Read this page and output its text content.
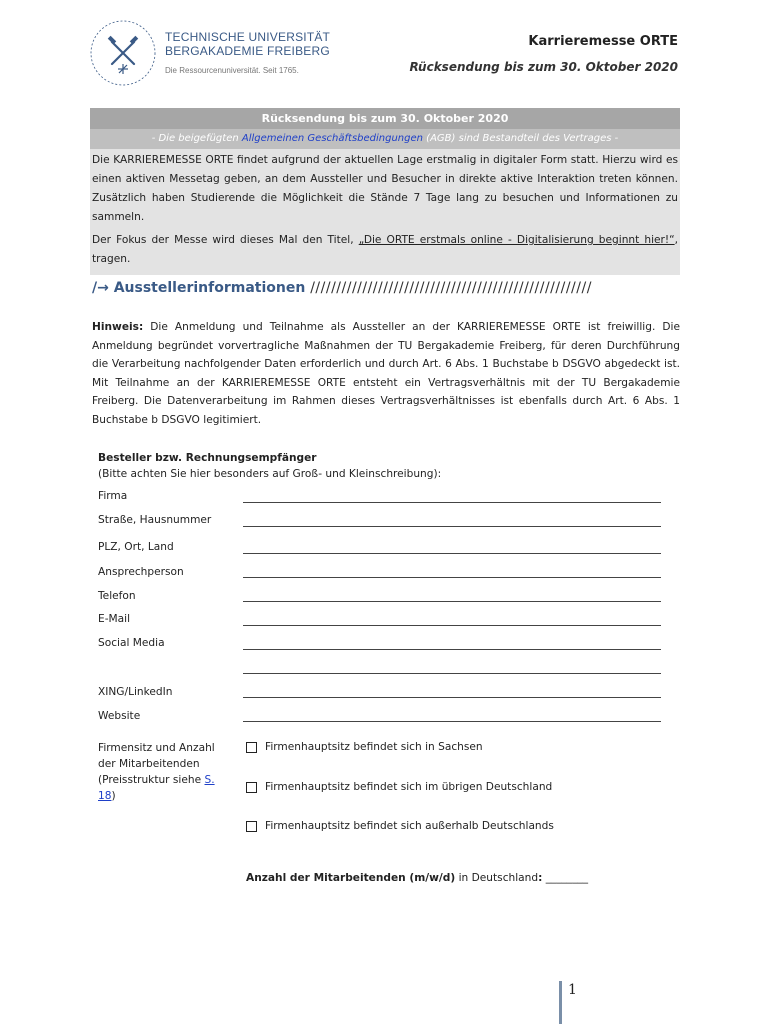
TECHNISCHE UNIVERSITÄT
BERGAKADEMIE FREIBERG
Die Ressourcenuniversität. Seit 1765.
Karrieremesse ORTE
Rücksendung bis zum 30. Oktober 2020
Rücksendung bis zum 30. Oktober 2020
- Die beigefügten Allgemeinen Geschäftsbedingungen (AGB) sind Bestandteil des Vertrages -

Die KARRIEREMESSE ORTE findet aufgrund der aktuellen Lage erstmalig in digitaler Form statt. Hierzu wird es einen aktiven Messetag geben, an dem Aussteller und Besucher in direkte aktive Interaktion treten können. Zusätzlich haben Studierende die Möglichkeit die Stände 7 Tage lang zu besuchen und Informationen zu sammeln.

Der Fokus der Messe wird dieses Mal den Titel, „Die ORTE erstmals online - Digitalisierung beginnt hier!“, tragen.

/→ Ausstellerinformationen //////////////////////////////////////////////////////
Hinweis: Die Anmeldung und Teilnahme als Aussteller an der KARRIEREMESSE ORTE ist freiwillig. Die Anmeldung begründet vorvertragliche Maßnahmen der TU Bergakademie Freiberg, für deren Durchführung die Verarbeitung nachfolgender Daten erforderlich und durch Art. 6 Abs. 1 Buchstabe b DSGVO abgedeckt ist. Mit Teilnahme an der KARRIEREMESSE ORTE entsteht ein Vertragsverhältnis mit der TU Bergakademie Freiberg. Die Datenverarbeitung im Rahmen dieses Vertragsverhältnisses ist ebenfalls durch Art. 6 Abs. 1 Buchstabe b DSGVO legitimiert.
Besteller bzw. Rechnungsempfänger
(Bitte achten Sie hier besonders auf Groß- und Kleinschreibung):
Firma
Straße, Hausnummer
PLZ, Ort, Land
Ansprechperson
Telefon
E-Mail
Social Media
XING/LinkedIn
Website
Firmensitz und Anzahl der Mitarbeitenden
(Preisstruktur siehe S. 18)
Firmenhauptsitz befindet sich in Sachsen
Firmenhauptsitz befindet sich im übrigen Deutschland
Firmenhauptsitz befindet sich außerhalb Deutschlands
Anzahl der Mitarbeitenden (m/w/d) in Deutschland: ________
1
